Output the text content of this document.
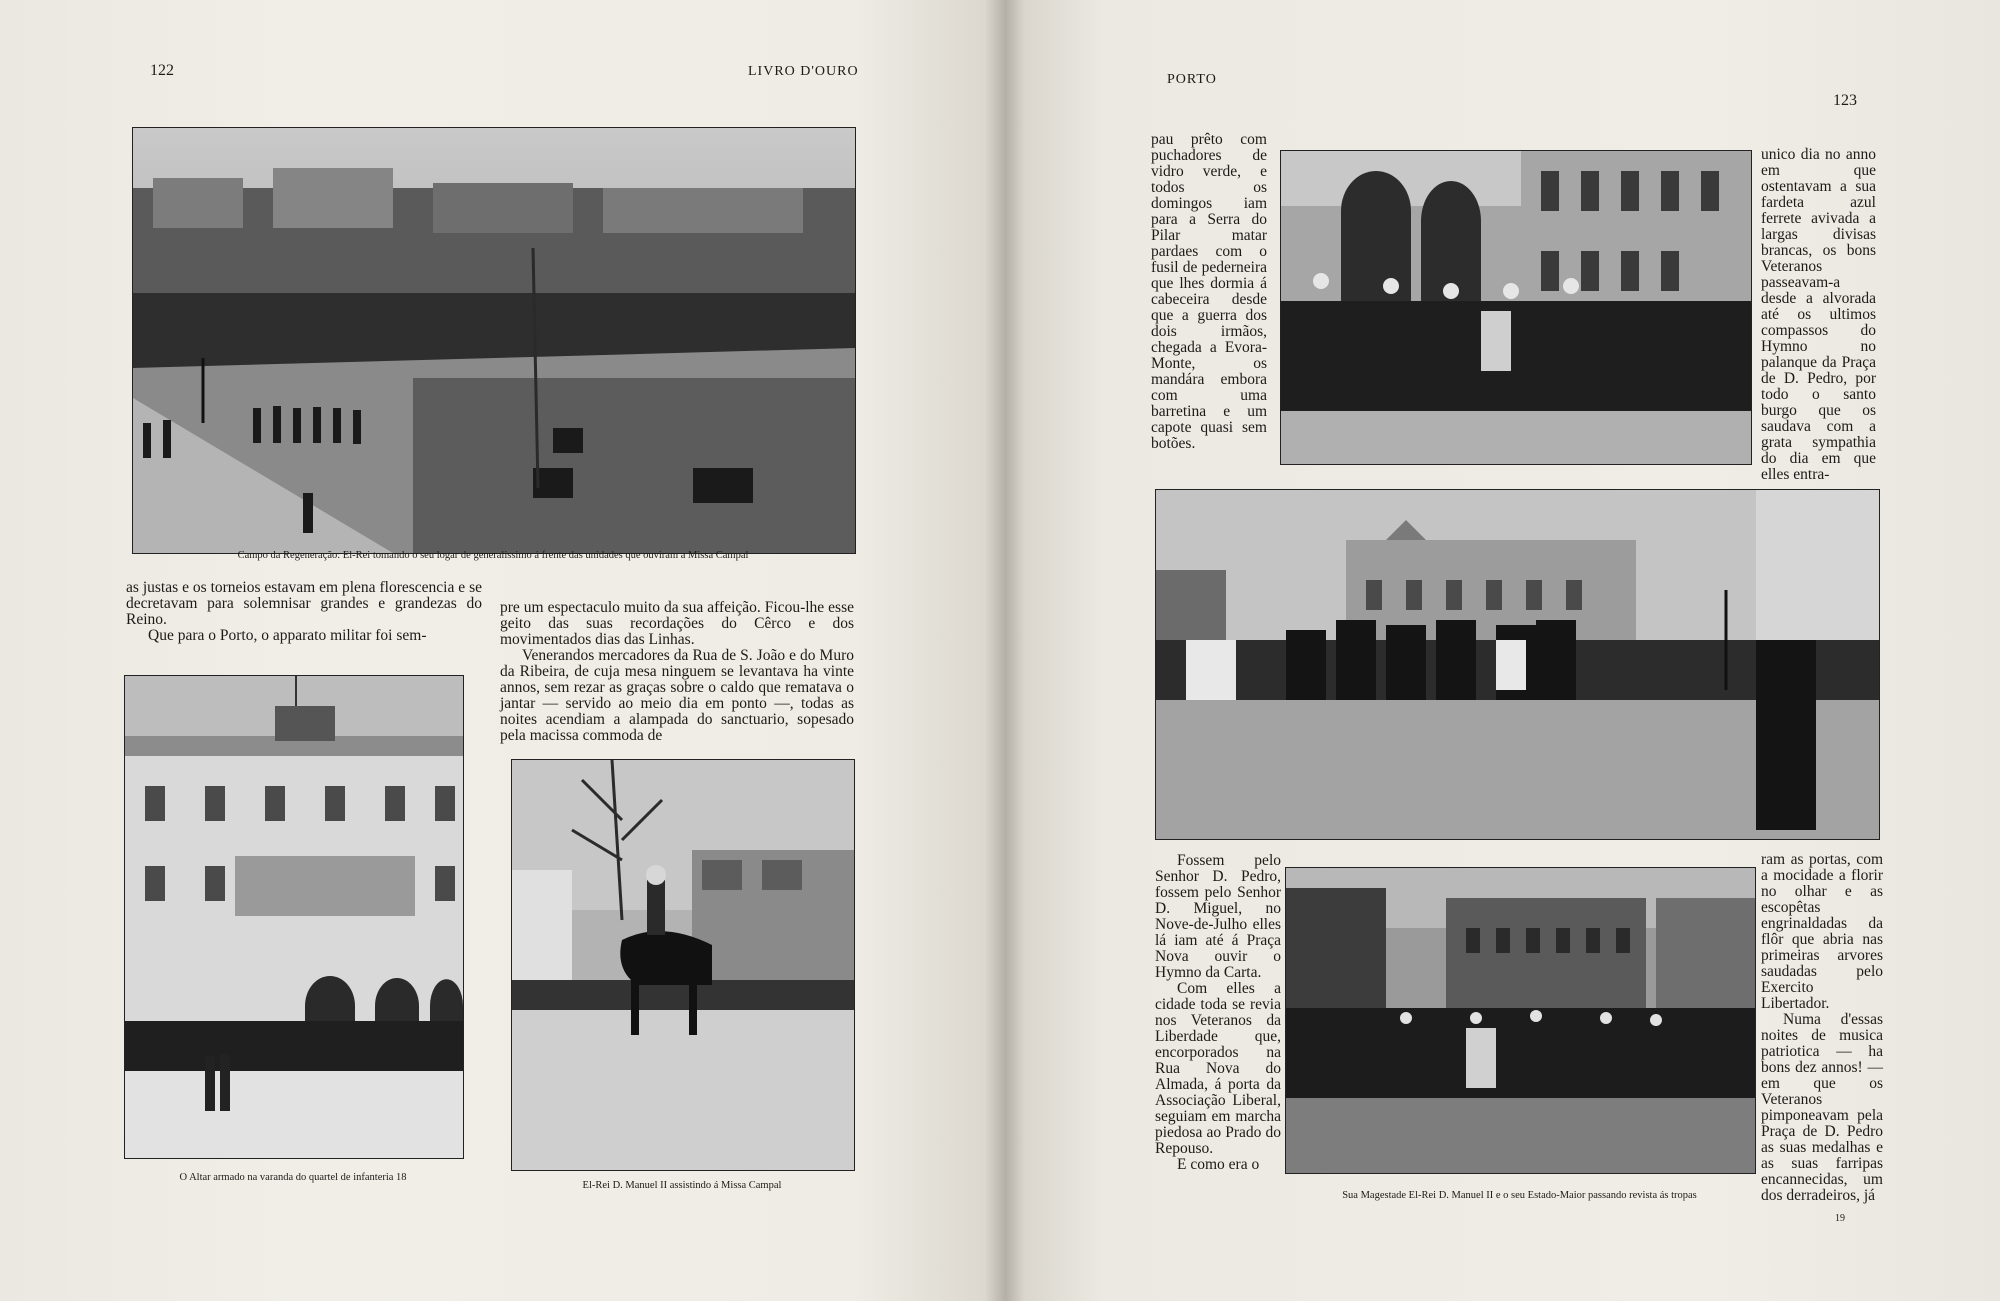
122	LIVRO D'OURO
Campo da Regeneração: El-Rei tomando o seu logar de generalissimo á frente das unidades que ouviram a Missa Campal

as justas e os torneios estavam em plena florescencia e se decretavam para solemnisar grandes e grandezas do Reino.

Que para o Porto, o apparato militar foi sem-

pre um espectaculo muito da sua affeição. Ficou-lhe esse geito das suas recordações do Cêrco e dos movimentados dias das Linhas.

Venerandos mercadores da Rua de S. João e do Muro da Ribeira, de cuja mesa ninguem se levantava ha vinte annos, sem rezar as graças sobre o caldo que rematava o jantar — servido ao meio dia em ponto —, todas as noites acendiam a alampada do sanctuario, sopesado pela macissa commoda de

O Altar armado na varanda do quartel de infanteria 18
El-Rei D. Manuel II assistindo á Missa Campal
PORTO
123

pau prêto com puchadores de vidro verde, e todos os domingos iam para a Serra do Pilar matar pardaes com o fusil de pederneira que lhes dormia á cabeceira desde que a guerra dos dois irmãos, chegada a Evora-Monte, os mandára embora com uma barretina e um capote quasi sem botões.

unico dia no anno em que ostentavam a sua fardeta azul ferrete avivada a largas divisas brancas, os bons Veteranos passeavam-a desde a alvorada até os ultimos compassos do Hymno no palanque da Praça de D. Pedro, por todo o santo burgo que os saudava com a grata sympathia do dia em que elles entra-

Fossem pelo Senhor D. Pedro, fossem pelo Senhor D. Miguel, no Nove-de-Julho elles lá iam até á Praça Nova ouvir o Hymno da Carta.

Com elles a cidade toda se revia nos Veteranos da Liberdade que, encorporados na Rua Nova do Almada, á porta da Associação Liberal, seguiam em marcha piedosa ao Prado do Repouso.

E como era o

ram as portas, com a mocidade a florir no olhar e as escopêtas engrinaldadas da flôr que abria nas primeiras arvores saudadas pelo Exercito Libertador.

Numa d'essas noites de musica patriotica — ha bons dez annos! — em que os Veteranos pimponeavam pela Praça de D. Pedro as suas medalhas e as suas farripas encannecidas, um dos derradeiros, já

Sua Magestade El-Rei D. Manuel II e o seu Estado-Maior passando revista ás tropas
19
